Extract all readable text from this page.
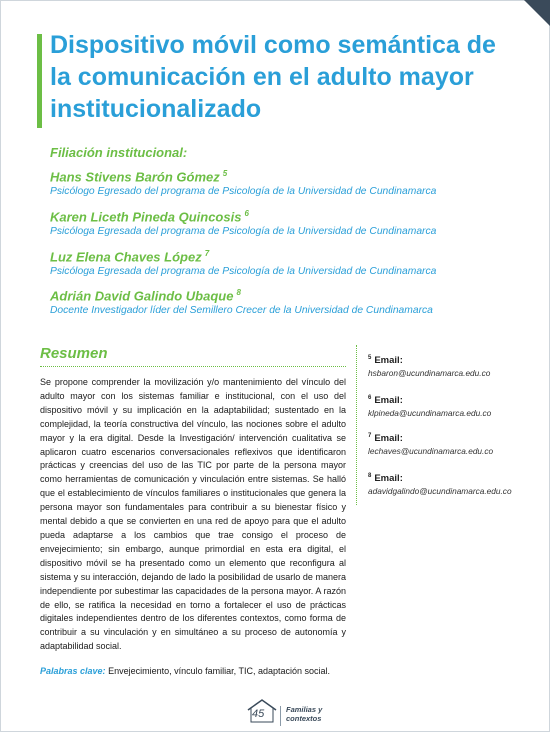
Dispositivo móvil como semántica de la comunicación en el adulto mayor institucionalizado
Filiación institucional:
Hans Stivens Barón Gómez $^5$
Psicólogo Egresado del programa de Psicología de la Universidad de Cundinamarca
Karen Liceth Pineda Quincosis $^6$
Psicóloga Egresada del programa de Psicología de la Universidad de Cundinamarca
Luz Elena Chaves López $^7$
Psicóloga Egresada del programa de Psicología de la Universidad de Cundinamarca
Adrián David Galindo Ubaque $^8$
Docente Investigador líder del Semillero Crecer de la Universidad de Cundinamarca
Resumen

Se propone comprender la movilización y/o mantenimiento del vínculo del adulto mayor con los sistemas familiar e institucional, con el uso del dispositivo móvil y su implicación en la adaptabilidad; sustentado en la complejidad, la teoría constructiva del vínculo, las nociones sobre el adulto mayor y la era digital. Desde la Investigación/ intervención cualitativa se aplicaron cuatro escenarios conversacionales reflexivos que identificaron prácticas y creencias del uso de las TIC por parte de la persona mayor como herramientas de comunicación y vinculación entre sistemas. Se halló que el establecimiento de vínculos familiares o institucionales que genera la persona mayor son fundamentales para contribuir a su bienestar físico y mental debido a que se convierten en una red de apoyo para que el adulto pueda adaptarse a los cambios que trae consigo el proceso de envejecimiento; sin embargo, aunque primordial en esta era digital, el dispositivo móvil se ha presentado como un elemento que reconfigura al sistema y su interacción, dejando de lado la posibilidad de usarlo de manera independiente por subestimar las capacidades de la persona mayor. A razón de ello, se ratifica la necesidad en torno a fortalecer el uso de prácticas digitales independientes dentro de los diferentes contextos, como forma de contribuir a su vinculación y en simultáneo a su proceso de autonomía y adaptabilidad social.

Palabras clave: Envejecimiento, vínculo familiar, TIC, adaptación social.

$^5$ Email:
hsbaron@ucundinamarca.edu.co
$^6$ Email:
klpineda@ucundinamarca.edu.co
$^7$ Email:
lechaves@ucundinamarca.edu.co
$^8$ Email:
adavidgalindo@ucundinamarca.edu.co
45	Familias y contextos
